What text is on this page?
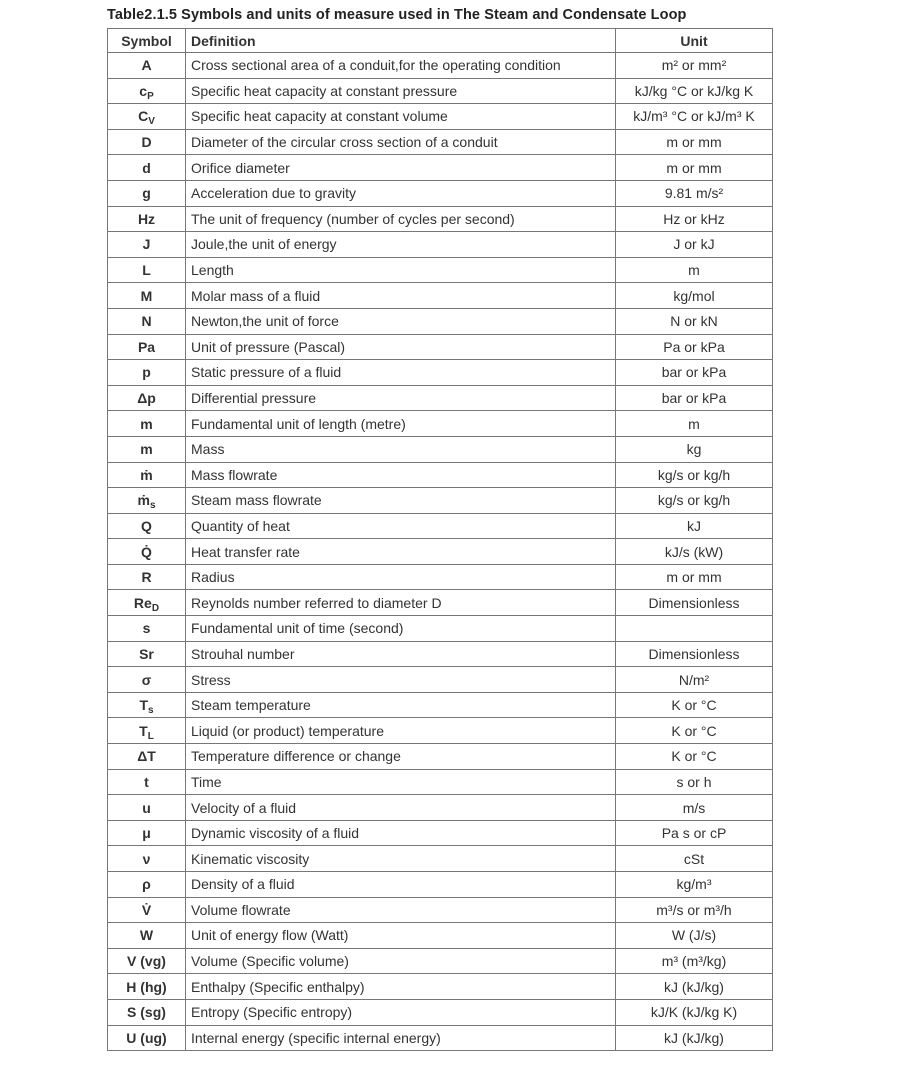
Table2.1.5 Symbols and units of measure used in The Steam and Condensate Loop
Symbol	Definition	Unit
A	Cross sectional area of a conduit,for the operating condition	m² or mm²
$c_P$	Specific heat capacity at constant pressure	kJ/kg °C or kJ/kg K
$C_V$	Specific heat capacity at constant volume	kJ/m³ °C or kJ/m³ K
D	Diameter of the circular cross section of a conduit	m or mm
d	Orifice diameter	m or mm
g	Acceleration due to gravity	9.81 m/s²
Hz	The unit of frequency (number of cycles per second)	Hz or kHz
J	Joule,the unit of energy	J or kJ
L	Length	m
M	Molar mass of a fluid	kg/mol
N	Newton,the unit of force	N or kN
Pa	Unit of pressure (Pascal)	Pa or kPa
p	Static pressure of a fluid	bar or kPa
Δp	Differential pressure	bar or kPa
m	Fundamental unit of length (metre)	m
m	Mass	kg
ṁ	Mass flowrate	kg/s or kg/h
ṁ$_s$	Steam mass flowrate	kg/s or kg/h
Q	Quantity of heat	kJ
Q̇	Heat transfer rate	kJ/s (kW)
R	Radius	m or mm
$Re_D$	Reynolds number referred to diameter D	Dimensionless
s	Fundamental unit of time (second)	
Sr	Strouhal number	Dimensionless
σ	Stress	N/m²
$T_s$	Steam temperature	K or °C
$T_L$	Liquid (or product) temperature	K or °C
ΔT	Temperature difference or change	K or °C
t	Time	s or h
u	Velocity of a fluid	m/s
μ	Dynamic viscosity of a fluid	Pa s or cP
ν	Kinematic viscosity	cSt
ρ	Density of a fluid	kg/m³
V̇	Volume flowrate	m³/s or m³/h
W	Unit of energy flow (Watt)	W (J/s)
V (vg)	Volume (Specific volume)	m³ (m³/kg)
H (hg)	Enthalpy (Specific enthalpy)	kJ (kJ/kg)
S (sg)	Entropy (Specific entropy)	kJ/K (kJ/kg K)
U (ug)	Internal energy (specific internal energy)	kJ (kJ/kg)
